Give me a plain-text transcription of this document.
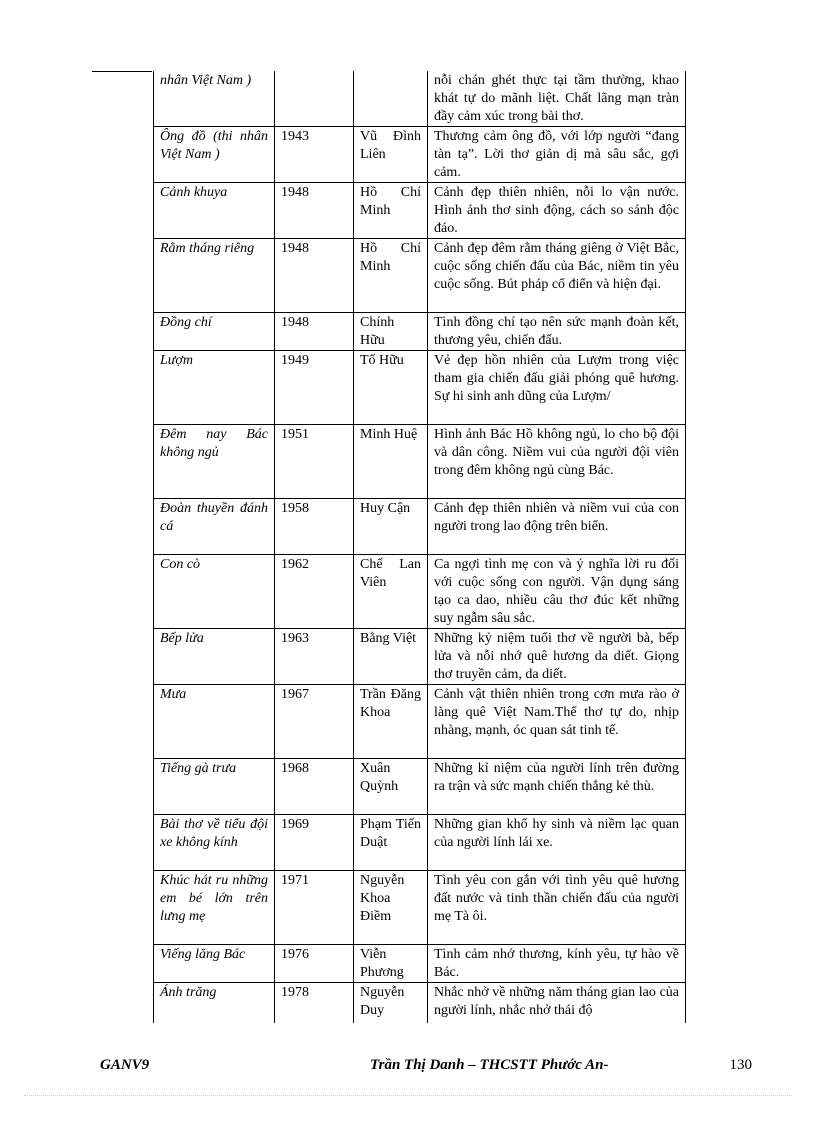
nhân Việt Nam )			nỗi chán ghét thực tại tầm thường, khao khát tự do mãnh liệt. Chất lãng mạn tràn đầy cảm xúc trong bài thơ.
Ông đồ (thi nhân Việt Nam )	1943	Vũ Đình Liên	Thương cảm ông đồ, với lớp người “đang tàn tạ”. Lời thơ giản dị mà sâu sắc, gợi cảm.
Cảnh khuya	1948	Hồ Chí Minh	Cảnh đẹp thiên nhiên, nỗi lo vận nước. Hình ảnh thơ sinh động, cách so sánh độc đáo.
Rằm tháng riêng	1948	Hồ Chí Minh	Cảnh đẹp đêm rằm tháng giêng ở Việt Bắc, cuộc sống chiến đấu của Bác, niềm tin yêu cuộc sống. Bút pháp cổ điển và hiện đại.
Đồng chí	1948	Chính Hữu	Tình đồng chí tạo nên sức mạnh đoàn kết, thương yêu, chiến đấu.
Lượm	1949	Tố Hữu	Vẻ đẹp hồn nhiên của Lượm trong việc tham gia chiến đấu giải phóng quê hương. Sự hi sinh anh dũng của Lượm/
Đêm nay Bác không ngủ	1951	Minh Huệ	Hình ảnh Bác Hồ không ngủ, lo cho bộ đội và dân công. Niềm vui của người đội viên trong đêm không ngủ cùng Bác.
Đoàn thuyền đánh cá	1958	Huy Cận	Cảnh đẹp thiên nhiên và niềm vui của con người trong lao động trên biển.
Con cò	1962	Chế Lan Viên	Ca ngợi tình mẹ con và ý nghĩa lời ru đối với cuộc sống con người. Vận dụng sáng tạo ca dao, nhiều câu thơ đúc kết những suy ngẫm sâu sắc.
Bếp lửa	1963	Bằng Việt	Những kỷ niệm tuổi thơ về người bà, bếp lửa và nỗi nhớ quê hương da diết. Giọng thơ truyền cảm, da diết.
Mưa	1967	Trần Đăng Khoa	Cảnh vật thiên nhiên trong cơn mưa rào ở làng quê Việt Nam.Thể thơ tự do, nhịp nhàng, mạnh, óc quan sát tinh tế.
Tiếng gà trưa	1968	Xuân Quỳnh	Những kỉ niệm của người lính trên đường ra trận và sức mạnh chiến thắng kẻ thù.
Bài thơ về tiểu đội xe không kính	1969	Phạm Tiến Duật	Những gian khổ hy sinh và niềm lạc quan của người lính lái xe.
Khúc hát ru những em bé lớn trên lưng mẹ	1971	Nguyễn Khoa Điềm	Tình yêu con gắn với tình yêu quê hương đất nước và tinh thần chiến đấu của người mẹ Tà ôi.
Viếng lăng Bác	1976	Viễn Phương	Tình cảm nhớ thương, kính yêu, tự hào về Bác.
Ánh trăng	1978	Nguyễn Duy	Nhắc nhở về những năm tháng gian lao của người lính, nhắc nhở thái độ
GANV9	Trần Thị Danh – THCSTT Phước An-	130
